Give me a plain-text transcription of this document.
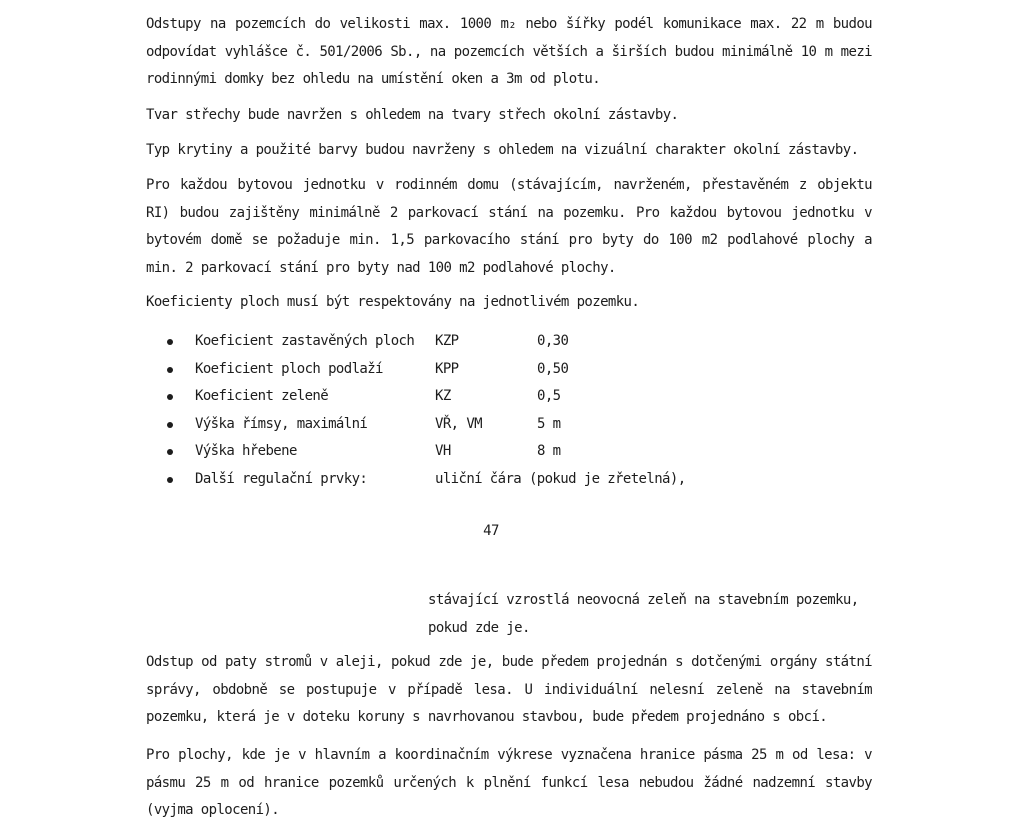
Odstupy na pozemcích do velikosti max. 1000 m₂ nebo šířky podél komunikace max. 22 m budou odpovídat vyhlášce č. 501/2006 Sb., na pozemcích větších a širších budou minimálně 10 m mezi rodinnými domky bez ohledu na umístění oken a 3m od plotu.

Tvar střechy bude navržen s ohledem na tvary střech okolní zástavby.

Typ krytiny a použité barvy budou navrženy s ohledem na vizuální charakter okolní zástavby.

Pro každou bytovou jednotku v rodinném domu (stávajícím, navrženém, přestavěném z objektu RI) budou zajištěny minimálně 2 parkovací stání na pozemku. Pro každou bytovou jednotku v bytovém domě se požaduje min. 1,5 parkovacího stání pro byty do 100 m2 podlahové plochy a min. 2 parkovací stání pro byty nad 100 m2 podlahové plochy.

Koeficienty ploch musí být respektovány na jednotlivém pozemku.

Koeficient zastavěných ploch KZP	0,30
Koeficient ploch podlaží	KPP	0,50
Koeficient zeleně	KZ	0,5
Výška římsy, maximální	VŘ, VM	5 m
Výška hřebene	VH	8 m
Další regulační prvky:	uliční čára (pokud je zřetelná),
47

stávající vzrostlá neovocná zeleň na stavebním pozemku, pokud zde je.

Odstup od paty stromů v aleji, pokud zde je, bude předem projednán s dotčenými orgány státní správy, obdobně se postupuje v případě lesa. U individuální nelesní zeleně na stavebním pozemku, která je v doteku koruny s navrhovanou stavbou, bude předem projednáno s obcí.

Pro plochy, kde je v hlavním a koordinačním výkrese vyznačena hranice pásma 25 m od lesa: v pásmu 25 m od hranice pozemků určených k plnění funkcí lesa nebudou žádné nadzemní stavby (vyjma oplocení).
